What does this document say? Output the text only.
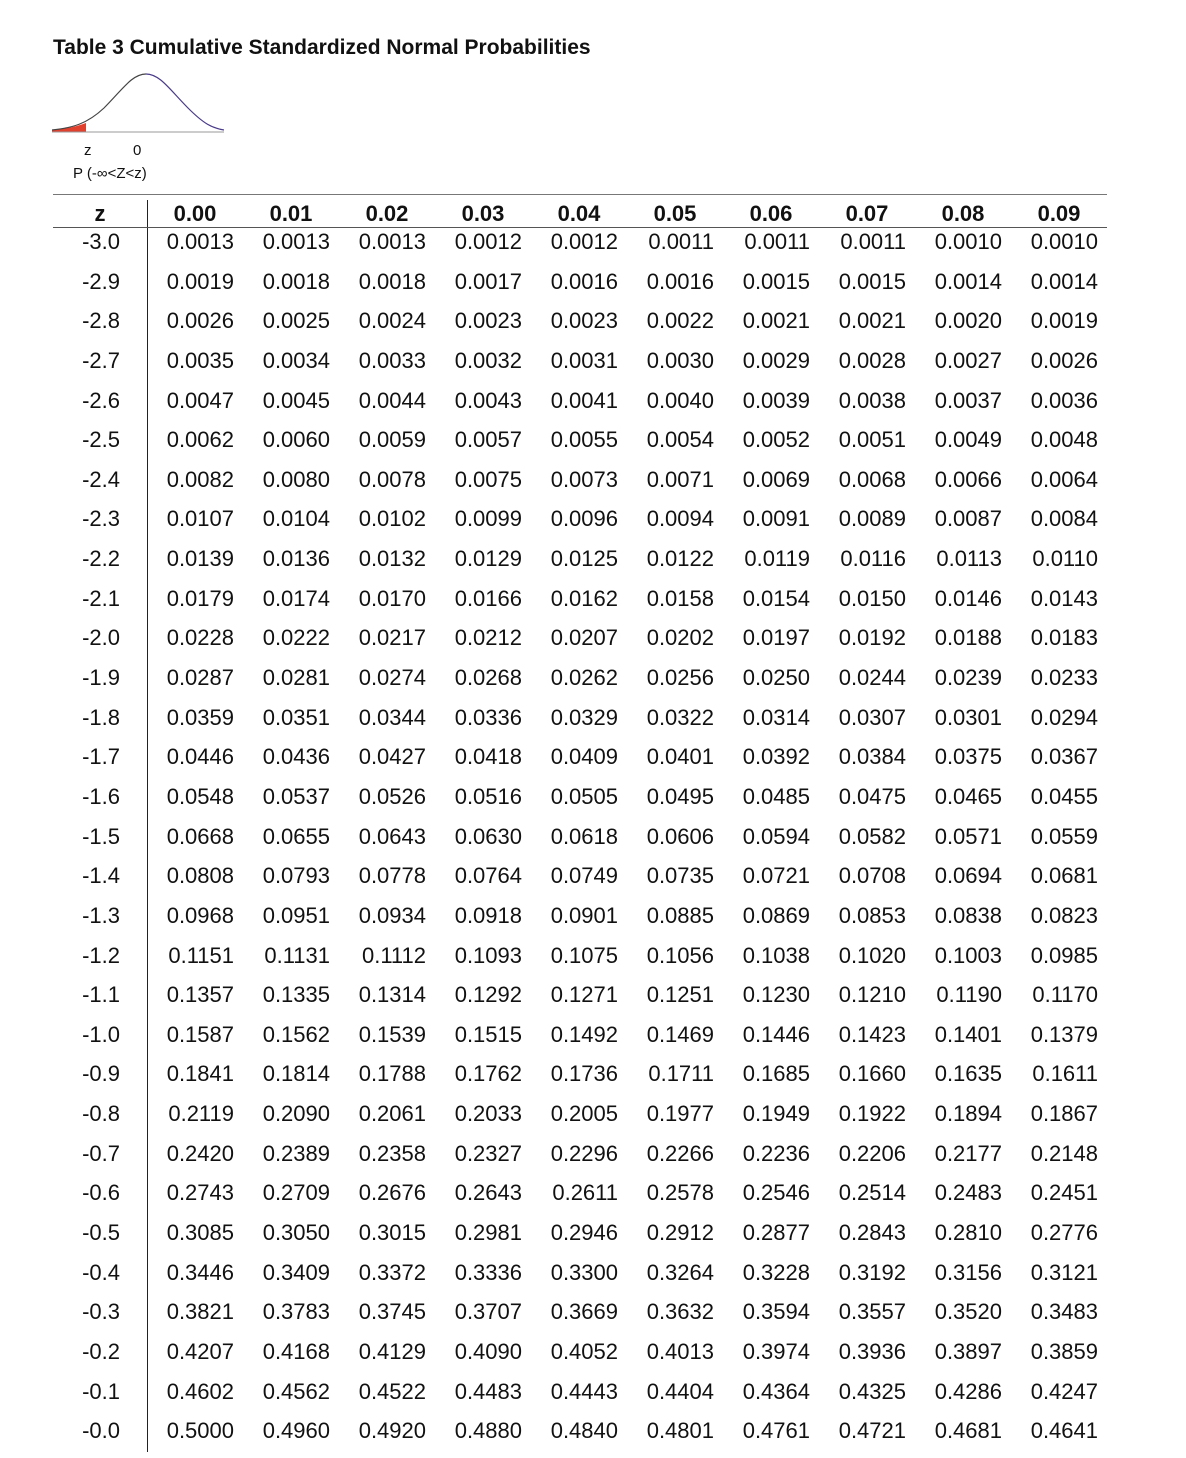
Table 3 Cumulative Standardized Normal Probabilities
z	0
P (-∞<Z<z)
z	0.00	0.01	0.02	0.03	0.04	0.05	0.06	0.07	0.08	0.09
-3.0	0.0013	0.0013	0.0013	0.0012	0.0012	0.0011	0.0011	0.0011	0.0010	0.0010
-2.9	0.0019	0.0018	0.0018	0.0017	0.0016	0.0016	0.0015	0.0015	0.0014	0.0014
-2.8	0.0026	0.0025	0.0024	0.0023	0.0023	0.0022	0.0021	0.0021	0.0020	0.0019
-2.7	0.0035	0.0034	0.0033	0.0032	0.0031	0.0030	0.0029	0.0028	0.0027	0.0026
-2.6	0.0047	0.0045	0.0044	0.0043	0.0041	0.0040	0.0039	0.0038	0.0037	0.0036
-2.5	0.0062	0.0060	0.0059	0.0057	0.0055	0.0054	0.0052	0.0051	0.0049	0.0048
-2.4	0.0082	0.0080	0.0078	0.0075	0.0073	0.0071	0.0069	0.0068	0.0066	0.0064
-2.3	0.0107	0.0104	0.0102	0.0099	0.0096	0.0094	0.0091	0.0089	0.0087	0.0084
-2.2	0.0139	0.0136	0.0132	0.0129	0.0125	0.0122	0.0119	0.0116	0.0113	0.0110
-2.1	0.0179	0.0174	0.0170	0.0166	0.0162	0.0158	0.0154	0.0150	0.0146	0.0143
-2.0	0.0228	0.0222	0.0217	0.0212	0.0207	0.0202	0.0197	0.0192	0.0188	0.0183
-1.9	0.0287	0.0281	0.0274	0.0268	0.0262	0.0256	0.0250	0.0244	0.0239	0.0233
-1.8	0.0359	0.0351	0.0344	0.0336	0.0329	0.0322	0.0314	0.0307	0.0301	0.0294
-1.7	0.0446	0.0436	0.0427	0.0418	0.0409	0.0401	0.0392	0.0384	0.0375	0.0367
-1.6	0.0548	0.0537	0.0526	0.0516	0.0505	0.0495	0.0485	0.0475	0.0465	0.0455
-1.5	0.0668	0.0655	0.0643	0.0630	0.0618	0.0606	0.0594	0.0582	0.0571	0.0559
-1.4	0.0808	0.0793	0.0778	0.0764	0.0749	0.0735	0.0721	0.0708	0.0694	0.0681
-1.3	0.0968	0.0951	0.0934	0.0918	0.0901	0.0885	0.0869	0.0853	0.0838	0.0823
-1.2	0.1151	0.1131	0.1112	0.1093	0.1075	0.1056	0.1038	0.1020	0.1003	0.0985
-1.1	0.1357	0.1335	0.1314	0.1292	0.1271	0.1251	0.1230	0.1210	0.1190	0.1170
-1.0	0.1587	0.1562	0.1539	0.1515	0.1492	0.1469	0.1446	0.1423	0.1401	0.1379
-0.9	0.1841	0.1814	0.1788	0.1762	0.1736	0.1711	0.1685	0.1660	0.1635	0.1611
-0.8	0.2119	0.2090	0.2061	0.2033	0.2005	0.1977	0.1949	0.1922	0.1894	0.1867
-0.7	0.2420	0.2389	0.2358	0.2327	0.2296	0.2266	0.2236	0.2206	0.2177	0.2148
-0.6	0.2743	0.2709	0.2676	0.2643	0.2611	0.2578	0.2546	0.2514	0.2483	0.2451
-0.5	0.3085	0.3050	0.3015	0.2981	0.2946	0.2912	0.2877	0.2843	0.2810	0.2776
-0.4	0.3446	0.3409	0.3372	0.3336	0.3300	0.3264	0.3228	0.3192	0.3156	0.3121
-0.3	0.3821	0.3783	0.3745	0.3707	0.3669	0.3632	0.3594	0.3557	0.3520	0.3483
-0.2	0.4207	0.4168	0.4129	0.4090	0.4052	0.4013	0.3974	0.3936	0.3897	0.3859
-0.1	0.4602	0.4562	0.4522	0.4483	0.4443	0.4404	0.4364	0.4325	0.4286	0.4247
-0.0	0.5000	0.4960	0.4920	0.4880	0.4840	0.4801	0.4761	0.4721	0.4681	0.4641
